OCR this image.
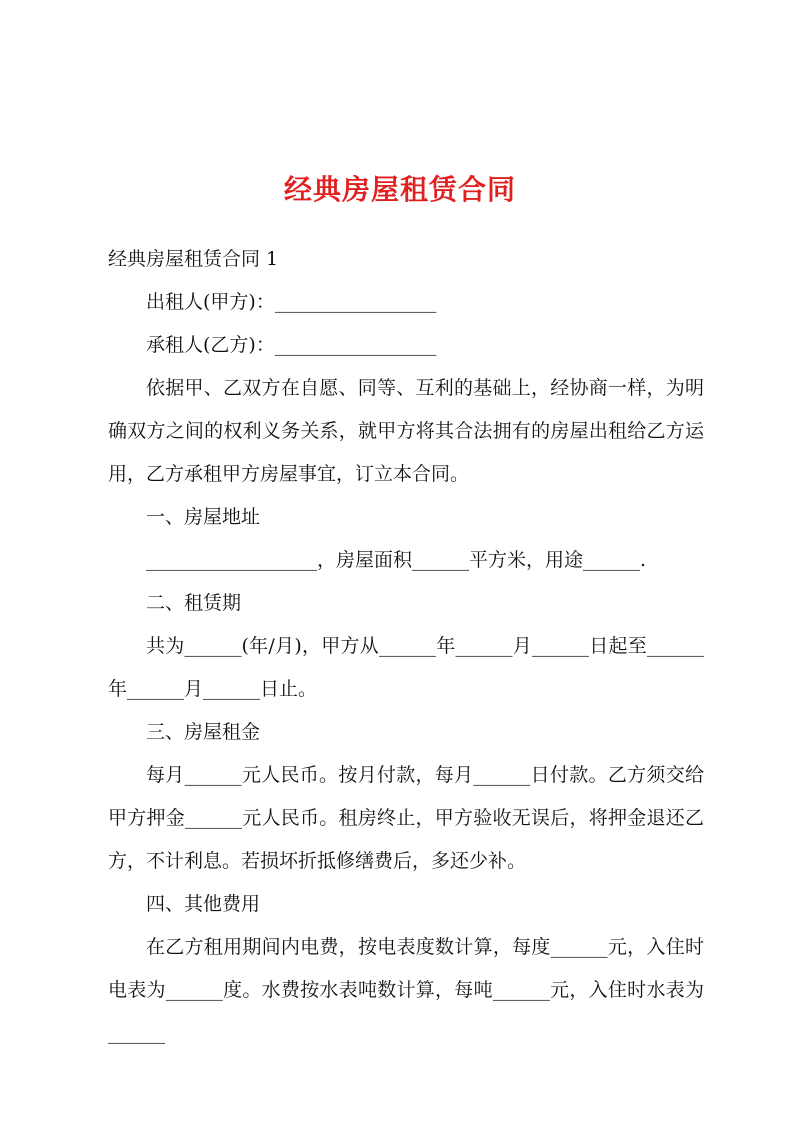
经典房屋租赁合同

经典房屋租赁合同 1

出租人(甲方)：_________________

承租人(乙方)：_________________

依据甲、乙双方在自愿、同等、互利的基础上，经协商一样，为明确双方之间的权利义务关系，就甲方将其合法拥有的房屋出租给乙方运用，乙方承租甲方房屋事宜，订立本合同。

一、房屋地址

__________________，房屋面积______平方米，用途______.

二、租赁期

共为______(年/月)，甲方从______年______月______日起至______年______月______日止。

三、房屋租金

每月______元人民币。按月付款，每月______日付款。乙方须交给甲方押金______元人民币。租房终止，甲方验收无误后，将押金退还乙方，不计利息。若损坏折抵修缮费后，多还少补。

四、其他费用

在乙方租用期间内电费，按电表度数计算，每度______元，入住时电表为______度。水费按水表吨数计算，每吨______元，入住时水表为______
